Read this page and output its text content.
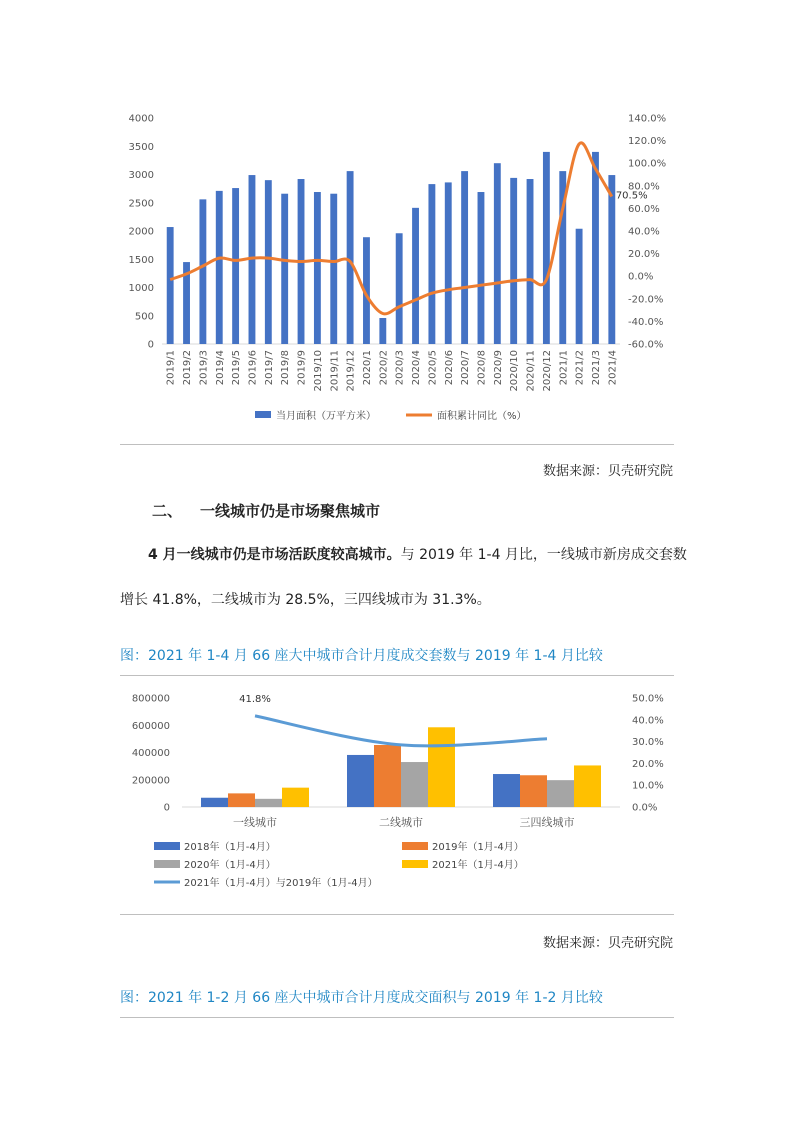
0
500
1000
1500
2000
2500
3000
3500
4000
-60.0%
-40.0%
-20.0%
0.0%
20.0%
40.0%
60.0%
80.0%
100.0%
120.0%
140.0%
2019/1 2019/2 2019/3 2019/4 2019/5 2019/6 2019/7 2019/8 2019/9 2019/10 2019/11 2019/12 2020/1 2020/2 2020/3 2020/4 2020/5 2020/6 2020/7 2020/8 2020/9 2020/10 2020/11 2020/12 2021/1 2021/2 2021/3 2021/4
70.5%
当月面积（万平方米）	面积累计同比（%）
数据来源：贝壳研究院
二、 一线城市仍是市场聚焦城市
4 月一线城市仍是市场活跃度较高城市。与 2019 年 1-4 月比，一线城市新房成交套数
增长 41.8%，二线城市为 28.5%，三四线城市为 31.3%。
图：2021 年 1-4 月 66 座大中城市合计月度成交套数与 2019 年 1-4 月比较
0
200000
400000
600000
800000
0.0%
10.0%
20.0%
30.0%
40.0%
50.0%
一线城市	二线城市	三四线城市
41.8%
2018年（1月-4月）	2019年（1月-4月）
2020年（1月-4月）	2021年（1月-4月）
2021年（1月-4月）与2019年（1月-4月）
数据来源：贝壳研究院
图：2021 年 1-2 月 66 座大中城市合计月度成交面积与 2019 年 1-2 月比较
